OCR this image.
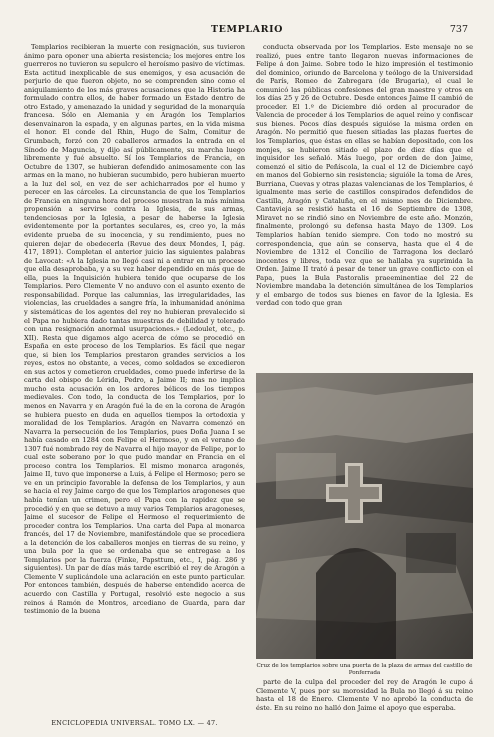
TEMPLARIO	737
Templarios recibieran la muerte con resignación, sus tuvieron ánimo para oponer una abierta resistencia; los mejores entre los guerreros no tuvieron su sepulcro el heroísmo pasivo de víctimas. Esta actitud inexplicable de sus enemigos, y esa acusación de perjurio de que fueron objeto, no se comprenden sino como el aniquilamiento de los más graves acusaciones que la Historia ha formulado contra ellos, de haber formado un Estado dentro de otro Estado, y amenazado la unidad y seguridad de la monarquía francesa. Sólo en Alemania y en Aragón los Templarios desenvainaron la espada, y en algunas partes, en la vida misma el honor. El conde del Rhin, Hugo de Salm, Comitur de Grumbach, forzó con 20 caballeros armados la entrada en el Sínodo de Maguncia, y dijo así públicamente, su marcha luego libremente y fué absuelto. Sí los Templarios de Francia, en Octubre de 1307, se hubieran defendido animosamente con las armas en la mano, no hubieran sucumbido, pero hubieran muerto a la luz del sol, en vez de ser achicharrados por el humo y perecer en las cárceles. La circunstancia de que los Templarios de Francia en ninguna hora del proceso muestran la más mínima propensión a servirse contra la Iglesia, de sus armas, tendenciosas por la Iglesia, a pesar de haberse la Iglesia evidentemente por la portantes seculares, es, creo yo, la más evidente prueba de su inocencia, y su rendimiento, pues no quieren dejar de obedecerla (Revue des deux Mondes, I, pág. 417, 1891). Completan el anterior juicio las siguientes palabras de Lavocat: «A la Iglesia no llegó casi ni a entrar en un proceso que ella desaprobaba, y a su vez haber dependido en más que de ella, pues la Inquisición hubiera tenido que ocuparse de los Templarios. Pero Clemente V no anduvo con el asunto exento de responsabilidad. Porque las calumnias, las irregularidades, las violencias, las crueldades a sangre fría, la inhumanidad anónima y sistemáticas de los agentes del rey no hubieran prevalecido si el Papa no hubiera dado tantas muestras de debilidad y tolerado con una resignación anormal usurpaciones.» (Ledoulet, etc., p. XII). Resta que digamos algo acerca de cómo se procedió en España en este proceso de los Templarios. Es fácil que negar que, si bien los Templarios prestaron grandes servicios a los reyes, estos no obstante, a veces, como soldados se excedieron en sus actos y cometieron crueldades, como puede inferirse de la carta del obispo de Lérida, Pedro, a Jaime II; mas no implica mucho esta acusación en los ardores bélicos de los tiempos medievales. Con todo, la conducta de los Templarios, por lo menos en Navarra y en Aragón fué la de en la corona de Aragón se hubiera puesto en duda en aquellos tiempos la ortodoxia y moralidad de los Templarios. Aragón en Navarra comenzó en Navarra la persecución de los Templarios, pues Doña Juana I se había casado en 1284 con Felipe el Hermoso, y en el verano de 1307 fué nombrado rey de Navarra el hijo mayor de Felipe, por lo cual este soberano por lo que pudo mandar en Francia en el proceso contra los Templarios. El mismo monarca aragonés, Jaime II, tuvo que imponerse a Luis, á Felipe el Hermoso; pero se ve en un principio favorable la defensa de los Templarios, y aun se hacia el rey Jaime cargo de que los Templarios aragoneses que había tenían un crimen, pero el Papa con la rapidez que se procedió y en que se detuvo a muy varios Templarios aragoneses, Jaime el sucesor de Felipe el Hermoso el requerimiento de proceder contra los Templarios. Una carta del Papa al monarca francés, del 17 de Noviembre, manifestándole que se procediera a la detención de los caballeros monjes en tierras de su reino, y una bula por la que se ordenaba que se entregase a los Templarios por la fuerza (Finke, Papsttum, etc., I, pág. 286 y siguientes). Un par de días más tarde escribió el rey de Aragón a Clemente V suplicándole una aclaración en este punto particular. Por entonces también, después de haberse entendido acerca de acuerdo con Castilla y Portugal, resolvió este negocio a sus reinos á Ramón de Montros, arcediano de Guarda, para dar testimonio de la buena
conducta observada por los Templarios. Este mensaje no se realizó, pues entre tanto llegaron nuevas informaciones de Felipe á don Jaime. Sobre todo le hizo impresión el testimonio del dominico, oriundo de Barcelona y teólogo de la Universidad de París, Romeo de Zabregara (de Brugaria), el cual le comunicó las públicas confesiones del gran maestre y otros en los días 25 y 26 de Octubre. Desde entonces Jaime II cambió de proceder. El 1.º de Diciembre dió orden al procurador de Valencia de proceder á los Templarios de aquel reino y confiscar sus bienes. Pocos días después siguióse la misma orden en Aragón. No permitió que fuesen sitiadas las plazas fuertes de los Templarios, que éstas en ellas se habían depositado, con los monjes, se hubieron sitiado el plazo de diez días que el inquisidor les señaló. Más luego, por orden de don Jaime, comenzó el sitio de Peñíscola, la cual el 12 de Diciembre cayó en manos del Gobierno sin resistencia; siguióle la toma de Ares, Burriana, Cuevas y otras plazas valencianas de los Templarios, é igualmente mas serie de castillos conspirados defendidos de Castilla, Aragón y Cataluña, en el mismo mes de Diciembre. Cantavieja se resistió hasta el 16 de Septiembre de 1308, Miravet no se rindió sino en Noviembre de este año. Monzón, finalmente, prolongó su defensa hasta Mayo de 1309. Los Templarios habían tenido siempre. Con todo no mostró su correspondencia, que aún se conserva, hasta que el 4 de Noviembre de 1312 el Concilio de Tarragona los declaró inocentes y libres, toda vez que se hallaba ya suprimida la Orden. Jaime II trató á pesar de tener un grave conflicto con el Papa, pues la Bula Pastoralis praeeminentiae del 22 de Noviembre mandaba la detención simultánea de los Templarios y el embargo de todos sus bienes en favor de la Iglesia. Es verdad con todo que gran
Cruz de los templarios sobre una puerta de la plaza de armas del castillo de Ponferrada
parte de la culpa del proceder del rey de Aragón le cupo á Clemente V, pues por su morosidad la Bula no llegó á su reino hasta el 18 de Enero. Clemente V no aprobó la conducta de éste. En su reino no halló don Jaime el apoyo que esperaba.
ENCICLOPEDIA UNIVERSAL. TOMO LX. — 47.
